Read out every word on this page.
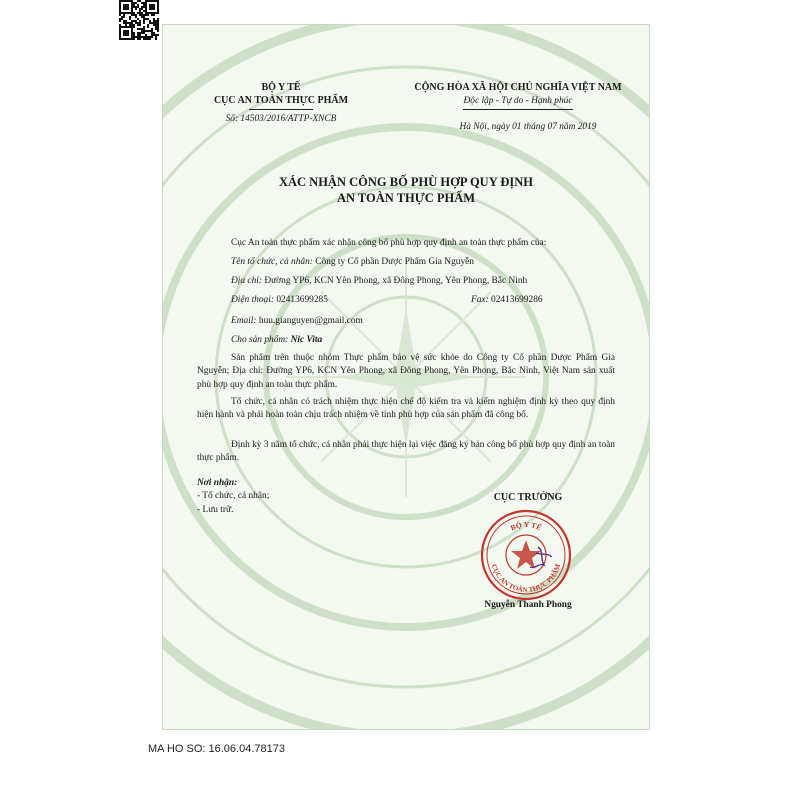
BỘ Y TẾ
CỤC AN TOÀN THỰC PHẨM
Số: 14503/2016/ATTP-XNCB
CỘNG HÒA XÃ HỘI CHỦ NGHĨA VIỆT NAM
Độc lập - Tự do - Hạnh phúc
Hà Nội, ngày 01 tháng 07 năm 2019
XÁC NHẬN CÔNG BỐ PHÙ HỢP QUY ĐỊNH
AN TOÀN THỰC PHẨM
Cục An toàn thực phẩm xác nhận công bố phù hợp quy định an toàn thực phẩm của:
Tên tổ chức, cá nhân: Công ty Cổ phần Dược Phẩm Gia Nguyễn
Địa chỉ: Đường YP6, KCN Yên Phong, xã Đông Phong, Yên Phong, Bắc Ninh
Điện thoại: 02413699285	Fax: 02413699286
Email: huu.gianguyen@gmail.com
Cho sản phẩm: Nic Vita
Sản phẩm trên thuộc nhóm Thực phẩm bảo vệ sức khỏe do Công ty Cổ phần Dược Phẩm Gia Nguyễn; Địa chỉ: Đường YP6, KCN Yên Phong, xã Đông Phong, Yên Phong, Bắc Ninh, Việt Nam sản xuất phù hợp quy định an toàn thực phẩm.
Tổ chức, cá nhân có trách nhiệm thực hiện chế độ kiểm tra và kiểm nghiệm định kỳ theo quy định hiện hành và phải hoàn toàn chịu trách nhiệm về tính phù hợp của sản phẩm đã công bố.
Định kỳ 3 năm tổ chức, cá nhân phải thực hiện lại việc đăng ký bản công bố phù hợp quy định an toàn thực phẩm.
Nơi nhận:
- Tổ chức, cá nhân;
- Lưu trữ.
CỤC TRƯỞNG
BỘ Y TẾ
CỤC AN TOÀN THỰC PHẨM
Nguyễn Thanh Phong
MA HO SO: 16.06.04.78173
